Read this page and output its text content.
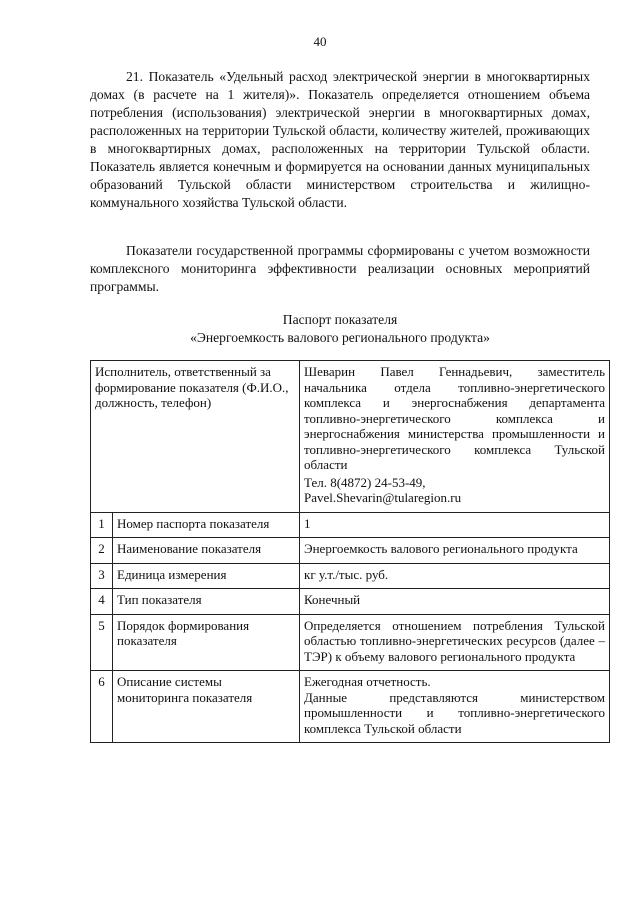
40

21. Показатель «Удельный расход электрической энергии в многоквартирных домах (в расчете на 1 жителя)». Показатель определяется отношением объема потребления (использования) электрической энергии в многоквартирных домах, расположенных на территории Тульской области, количеству жителей, проживающих в многоквартирных домах, расположенных на территории Тульской области. Показатель является конечным и формируется на основании данных муниципальных образований Тульской области министерством строительства и жилищно-коммунального хозяйства Тульской области.

Показатели государственной программы сформированы с учетом возможности комплексного мониторинга эффективности реализации основных мероприятий программы.

Паспорт показателя
«Энергоемкость валового регионального продукта»
Исполнитель, ответственный за формирование показателя (Ф.И.О., должность, телефон)		Шеварин Павел Геннадьевич, заместитель начальника отдела топливно-энергетического комплекса и энергоснабжения департамента топливно-энергетического комплекса и энергоснабжения министерства промышленности и топливно-энергетического комплекса Тульской области
Тел. 8(4872) 24-53-49,
Pavel.Shevarin@tularegion.ru

1	Номер паспорта показателя	1
2	Наименование показателя	Энергоемкость валового регионального продукта
3	Единица измерения	кг у.т./тыс. руб.
4	Тип показателя	Конечный
5	Порядок формирования показателя	Определяется отношением потребления Тульской областью топливно-энергетических ресурсов (далее – ТЭР) к объему валового регионального продукта
6	Описание системы мониторинга показателя	Ежегодная отчетность.
Данные представляются министерством промышленности и топливно-энергетического комплекса Тульской области
